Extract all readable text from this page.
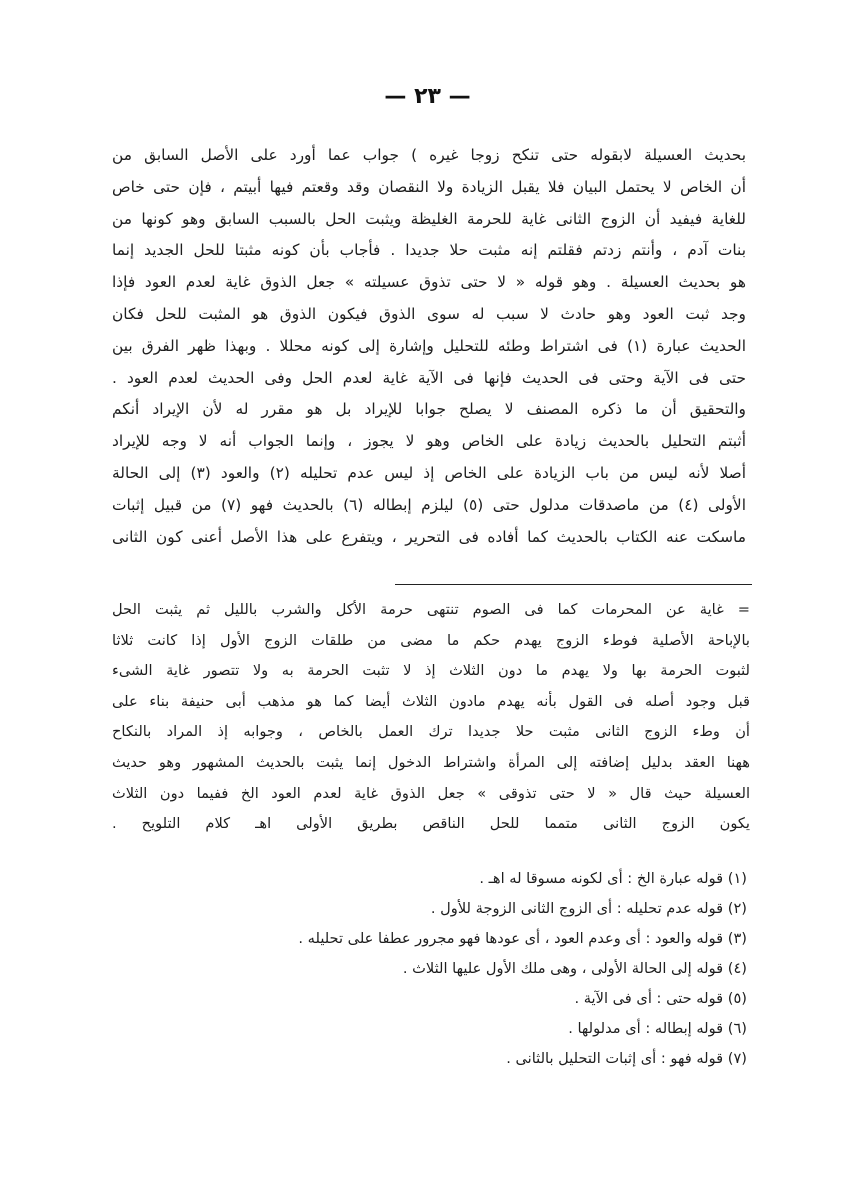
— ٢٣ —
بحديث العسيلة لابقوله حتى تنكح زوجا غيره ) جواب عما أورد على الأصل السابق من
أن الخاص لا يحتمل البيان فلا يقبل الزيادة ولا النقصان وقد وقعتم فيها أبيتم ، فإن حتى خاص
للغاية فيفيد أن الزوج الثانى غاية للحرمة الغليظة ويثبت الحل بالسبب السابق وهو كونها من
بنات آدم ، وأنتم زدتم فقلتم إنه مثبت حلا جديدا . فأجاب بأن كونه مثبتا للحل الجديد إنما
هو بحديث العسيلة . وهو قوله « لا حتى تذوق عسيلته » جعل الذوق غاية لعدم العود فإذا
وجد ثبت العود وهو حادث لا سبب له سوى الذوق فيكون الذوق هو المثبت للحل فكان
الحديث عبارة (١) فى اشتراط وطئه للتحليل وإشارة إلى كونه محللا . وبهذا ظهر الفرق بين
حتى فى الآية وحتى فى الحديث فإنها فى الآية غاية لعدم الحل وفى الحديث لعدم العود .
والتحقيق أن ما ذكره المصنف لا يصلح جوابا للإيراد بل هو مقرر له لأن الإيراد أنكم
أثبتم التحليل بالحديث زيادة على الخاص وهو لا يجوز ، وإنما الجواب أنه لا وجه للإيراد
أصلا لأنه ليس من باب الزيادة على الخاص إذ ليس عدم تحليله (٢) والعود (٣) إلى الحالة
الأولى (٤) من ماصدقات مدلول حتى (٥) ليلزم إبطاله (٦) بالحديث فهو (٧) من قبيل إثبات
ماسكت عنه الكتاب بالحديث كما أفاده فى التحرير ، ويتفرع على هذا الأصل أعنى كون الثانى
= غاية عن المحرمات كما فى الصوم تنتهى حرمة الأكل والشرب بالليل ثم يثبت الحل
بالإباحة الأصلية فوطء الزوج يهدم حكم ما مضى من طلقات الزوج الأول إذا كانت ثلاثا
لثبوت الحرمة بها ولا يهدم ما دون الثلاث إذ لا تثبت الحرمة به ولا تتصور غاية الشىء
قبل وجود أصله فى القول بأنه يهدم مادون الثلاث أيضا كما هو مذهب أبى حنيفة بناء على
أن وطء الزوج الثانى مثبت حلا جديدا ترك العمل بالخاص ، وجوابه إذ المراد بالنكاح
ههنا العقد بدليل إضافته إلى المرأة واشتراط الدخول إنما يثبت بالحديث المشهور وهو حديث
العسيلة حيث قال « لا حتى تذوقى » جعل الذوق غاية لعدم العود الخ ففيما دون الثلاث
يكون الزوج الثانى متمما للحل الناقص بطريق الأولى اهـ كلام التلويح .
(١) قوله عبارة الخ : أى لكونه مسوقا له اهـ .
(٢) قوله عدم تحليله : أى الزوج الثانى الزوجة للأول .
(٣) قوله والعود : أى وعدم العود ، أى عودها فهو مجرور عطفا على تحليله .
(٤) قوله إلى الحالة الأولى ، وهى ملك الأول عليها الثلاث .
(٥) قوله حتى : أى فى الآية .
(٦) قوله إبطاله : أى مدلولها .
(٧) قوله فهو : أى إثبات التحليل بالثانى .
